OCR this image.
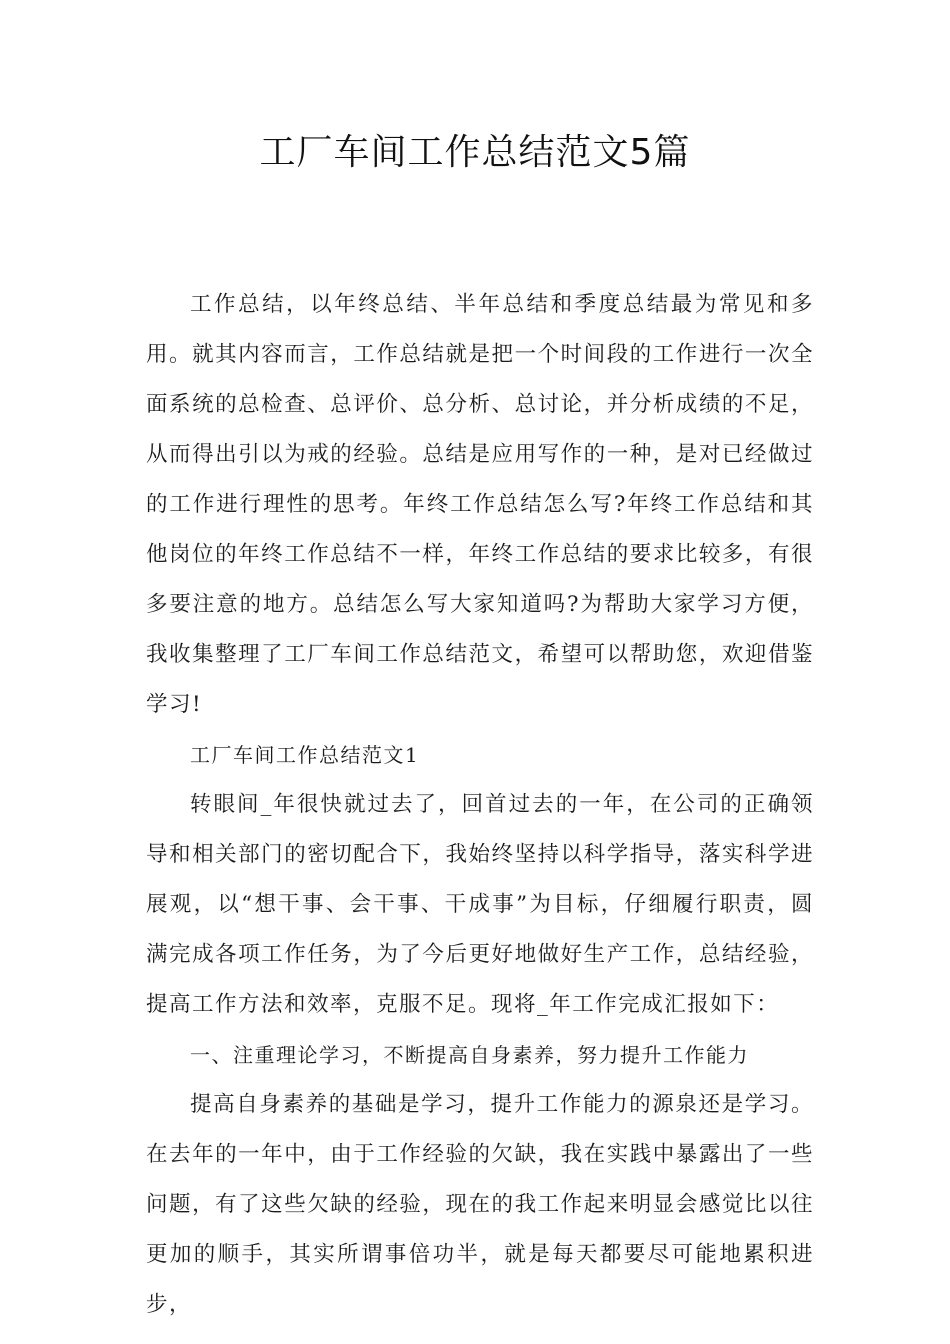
工厂车间工作总结范文5篇

工作总结，以年终总结、半年总结和季度总结最为常见和多用。就其内容而言，工作总结就是把一个时间段的工作进行一次全面系统的总检查、总评价、总分析、总讨论，并分析成绩的不足，从而得出引以为戒的经验。总结是应用写作的一种，是对已经做过的工作进行理性的思考。年终工作总结怎么写?年终工作总结和其他岗位的年终工作总结不一样，年终工作总结的要求比较多，有很多要注意的地方。总结怎么写大家知道吗?为帮助大家学习方便，我收集整理了工厂车间工作总结范文，希望可以帮助您，欢迎借鉴学习!

工厂车间工作总结范文1

转眼间_年很快就过去了，回首过去的一年，在公司的正确领导和相关部门的密切配合下，我始终坚持以科学指导，落实科学进展观，以“想干事、会干事、干成事”为目标，仔细履行职责，圆满完成各项工作任务，为了今后更好地做好生产工作，总结经验，提高工作方法和效率，克服不足。现将_年工作完成汇报如下：

一、注重理论学习，不断提高自身素养，努力提升工作能力

提高自身素养的基础是学习，提升工作能力的源泉还是学习。在去年的一年中，由于工作经验的欠缺，我在实践中暴露出了一些问题，有了这些欠缺的经验，现在的我工作起来明显会感觉比以往更加的顺手，其实所谓事倍功半，就是每天都要尽可能地累积进步，
